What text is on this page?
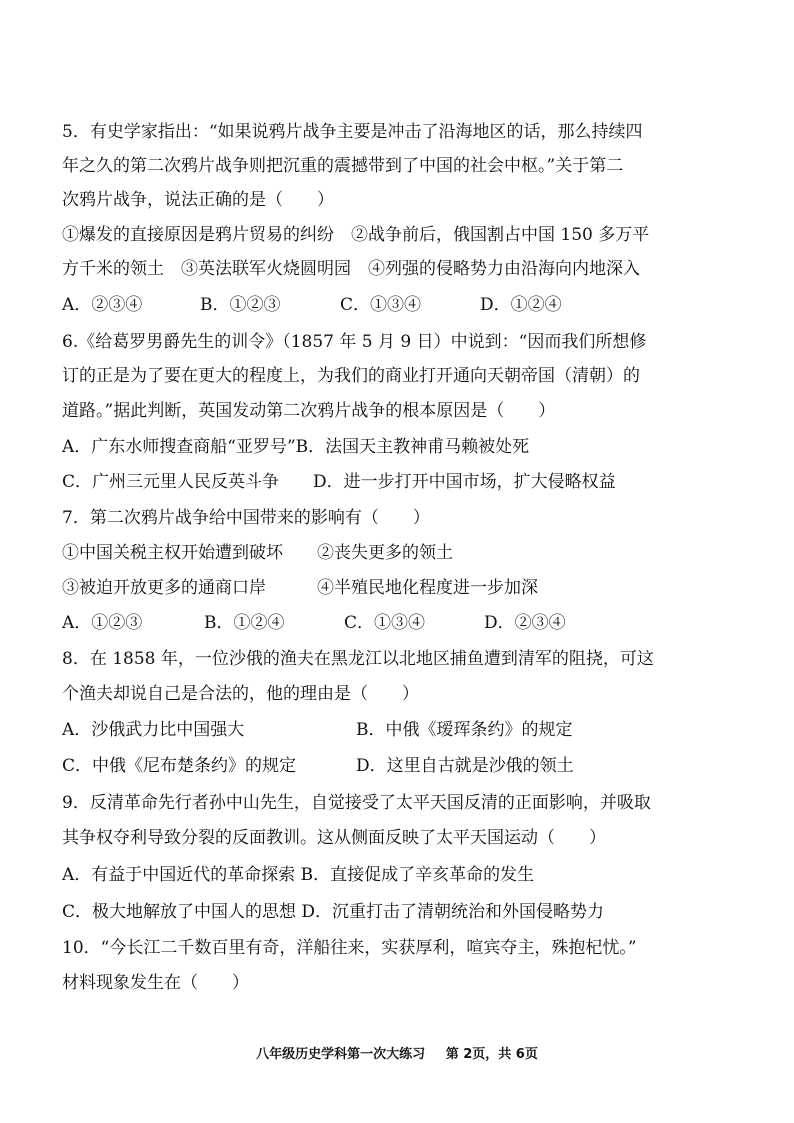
5．有史学家指出：“如果说鸦片战争主要是冲击了沿海地区的话，那么持续四
年之久的第二次鸦片战争则把沉重的震撼带到了中国的社会中枢。”关于第二
次鸦片战争，说法正确的是（　　）
①爆发的直接原因是鸦片贸易的纠纷　②战争前后，俄国割占中国 150 多万平
方千米的领土　③英法联军火烧圆明园　④列强的侵略势力由沿海向内地深入
A．②③④	B．①②③	C．①③④	D．①②④
6.《给葛罗男爵先生的训令》（1857 年 5 月 9 日）中说到：“因而我们所想修
订的正是为了要在更大的程度上，为我们的商业打开通向天朝帝国（清朝）的
道路。”据此判断，英国发动第二次鸦片战争的根本原因是（　　）
A．广东水师搜查商船“亚罗号”B．法国天主教神甫马赖被处死
C．广州三元里人民反英斗争　　D．进一步打开中国市场，扩大侵略权益
7．第二次鸦片战争给中国带来的影响有（　　）
①中国关税主权开始遭到破坏　　②丧失更多的领土
③被迫开放更多的通商口岸　　　④半殖民地化程度进一步加深
A．①②③	B．①②④	C．①③④	D．②③④
8．在 1858 年，一位沙俄的渔夫在黑龙江以北地区捕鱼遭到清军的阻挠，可这
个渔夫却说自己是合法的，他的理由是（　　）
A．沙俄武力比中国强大	B．中俄《瑷珲条约》的规定
C．中俄《尼布楚条约》的规定	D．这里自古就是沙俄的领土
9．反清革命先行者孙中山先生，自觉接受了太平天国反清的正面影响，并吸取
其争权夺利导致分裂的反面教训。这从侧面反映了太平天国运动（　　）
A．有益于中国近代的革命探索 B．直接促成了辛亥革命的发生
C．极大地解放了中国人的思想 D．沉重打击了清朝统治和外国侵略势力
10．“今长江二千数百里有奇，洋船往来，实获厚利，喧宾夺主，殊抱杞忧。”
材料现象发生在（　　）
八年级历史学科第一次大练习 第 2页，共 6页
